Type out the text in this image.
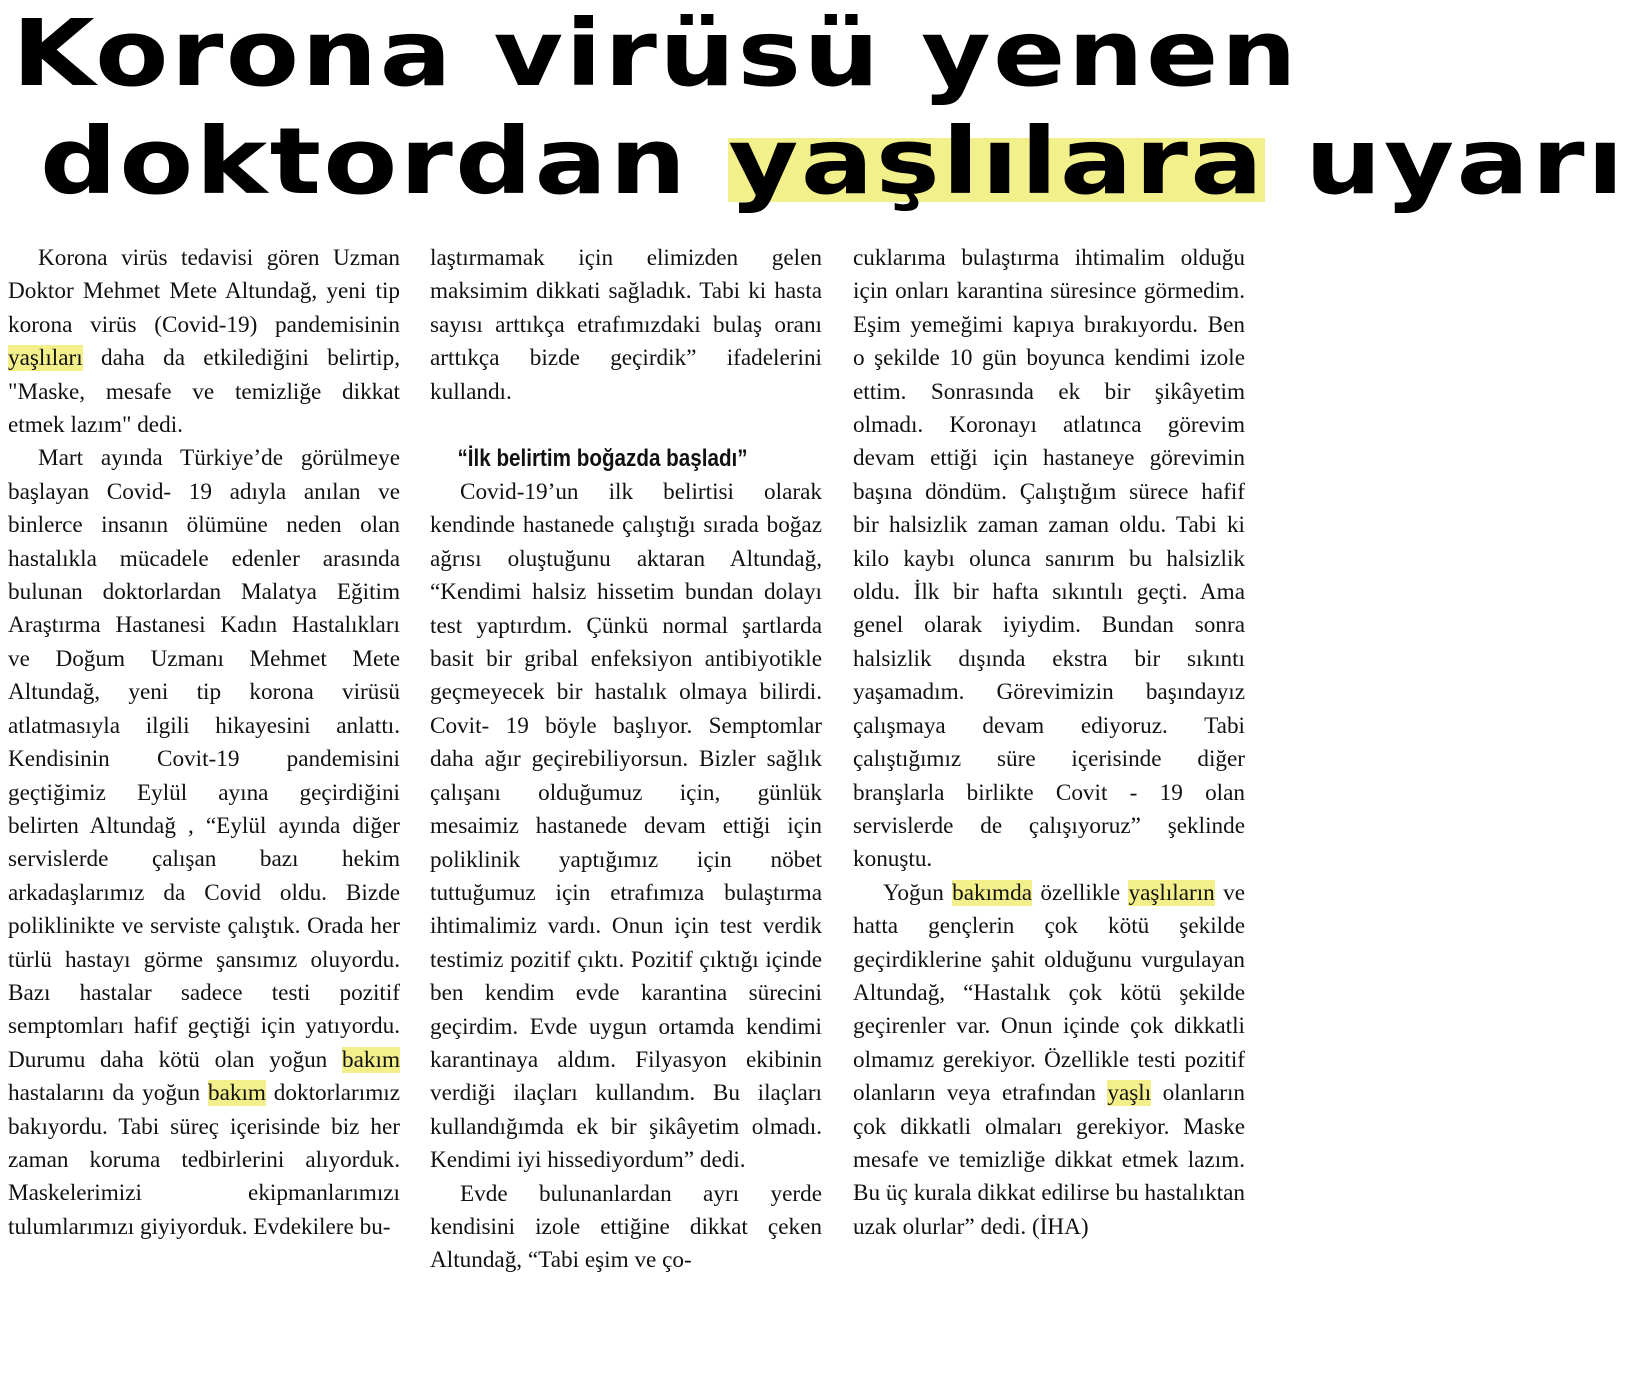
Korona virüsü yenen
doktordan yaşlılara uyarı

Korona virüs tedavisi gören Uzman Doktor Mehmet Mete Altundağ, yeni tip korona virüs (Covid-19) pandemisinin yaşlıları daha da etkilediğini belirtip, "Maske, mesafe ve temizliğe dikkat etmek lazım" dedi.

Mart ayında Türkiye’de görülmeye başlayan Covid- 19 adıyla anılan ve binlerce insanın ölümüne neden olan hastalıkla mücadele edenler arasında bulunan doktorlardan Malatya Eğitim Araştırma Hastanesi Kadın Hastalıkları ve Doğum Uzmanı Mehmet Mete Altundağ, yeni tip korona virüsü atlatmasıyla ilgili hikayesini anlattı. Kendisinin Covit-19 pandemisini geçtiğimiz Eylül ayına geçirdiğini belirten Altundağ , “Eylül ayında diğer servislerde çalışan bazı hekim arkadaşlarımız da Covid oldu. Bizde poliklinikte ve serviste çalıştık. Orada her türlü hastayı görme şansımız oluyordu. Bazı hastalar sadece testi pozitif semptomları hafif geçtiği için yatıyordu. Durumu daha kötü olan yoğun bakım hastalarını da yoğun bakım doktorlarımız bakıyordu. Tabi süreç içerisinde biz her zaman koruma tedbirlerini alıyorduk. Maskelerimizi ekipmanlarımızı tulumlarımızı giyiyorduk. Evdekilere bu-

laştırmamak için elimizden gelen maksimim dikkati sağladık. Tabi ki hasta sayısı arttıkça etrafımızdaki bulaş oranı arttıkça bizde geçirdik” ifadelerini kullandı.

“İlk belirtim boğazda başladı”

Covid-19’un ilk belirtisi olarak kendinde hastanede çalıştığı sırada boğaz ağrısı oluştuğunu aktaran Altundağ, “Kendimi halsiz hissetim bundan dolayı test yaptırdım. Çünkü normal şartlarda basit bir gribal enfeksiyon antibiyotikle geçmeyecek bir hastalık olmaya bilirdi. Covit- 19 böyle başlıyor. Semptomlar daha ağır geçirebiliyorsun. Bizler sağlık çalışanı olduğumuz için, günlük mesaimiz hastanede devam ettiği için poliklinik yaptığımız için nöbet tuttuğumuz için etrafımıza bulaştırma ihtimalimiz vardı. Onun için test verdik testimiz pozitif çıktı. Pozitif çıktığı içinde ben kendim evde karantina sürecini geçirdim. Evde uygun ortamda kendimi karantinaya aldım. Filyasyon ekibinin verdiği ilaçları kullandım. Bu ilaçları kullandığımda ek bir şikâyetim olmadı. Kendimi iyi hissediyordum” dedi.

Evde bulunanlardan ayrı yerde kendisini izole ettiğine dikkat çeken Altundağ, “Tabi eşim ve ço-

cuklarıma bulaştırma ihtimalim olduğu için onları karantina süresince görmedim. Eşim yemeğimi kapıya bırakıyordu. Ben o şekilde 10 gün boyunca kendimi izole ettim. Sonrasında ek bir şikâyetim olmadı. Koronayı atlatınca görevim devam ettiği için hastaneye görevimin başına döndüm. Çalıştığım sürece hafif bir halsizlik zaman zaman oldu. Tabi ki kilo kaybı olunca sanırım bu halsizlik oldu. İlk bir hafta sıkıntılı geçti. Ama genel olarak iyiydim. Bundan sonra halsizlik dışında ekstra bir sıkıntı yaşamadım. Görevimizin başındayız çalışmaya devam ediyoruz. Tabi çalıştığımız süre içerisinde diğer branşlarla birlikte Covit - 19 olan servislerde de çalışıyoruz” şeklinde konuştu.

Yoğun bakımda özellikle yaşlıların ve hatta gençlerin çok kötü şekilde geçirdiklerine şahit olduğunu vurgulayan Altundağ, “Hastalık çok kötü şekilde geçirenler var. Onun içinde çok dikkatli olmamız gerekiyor. Özellikle testi pozitif olanların veya etrafından yaşlı olanların çok dikkatli olmaları gerekiyor. Maske mesafe ve temizliğe dikkat etmek lazım. Bu üç kurala dikkat edilirse bu hastalıktan uzak olurlar” dedi. (İHA)
